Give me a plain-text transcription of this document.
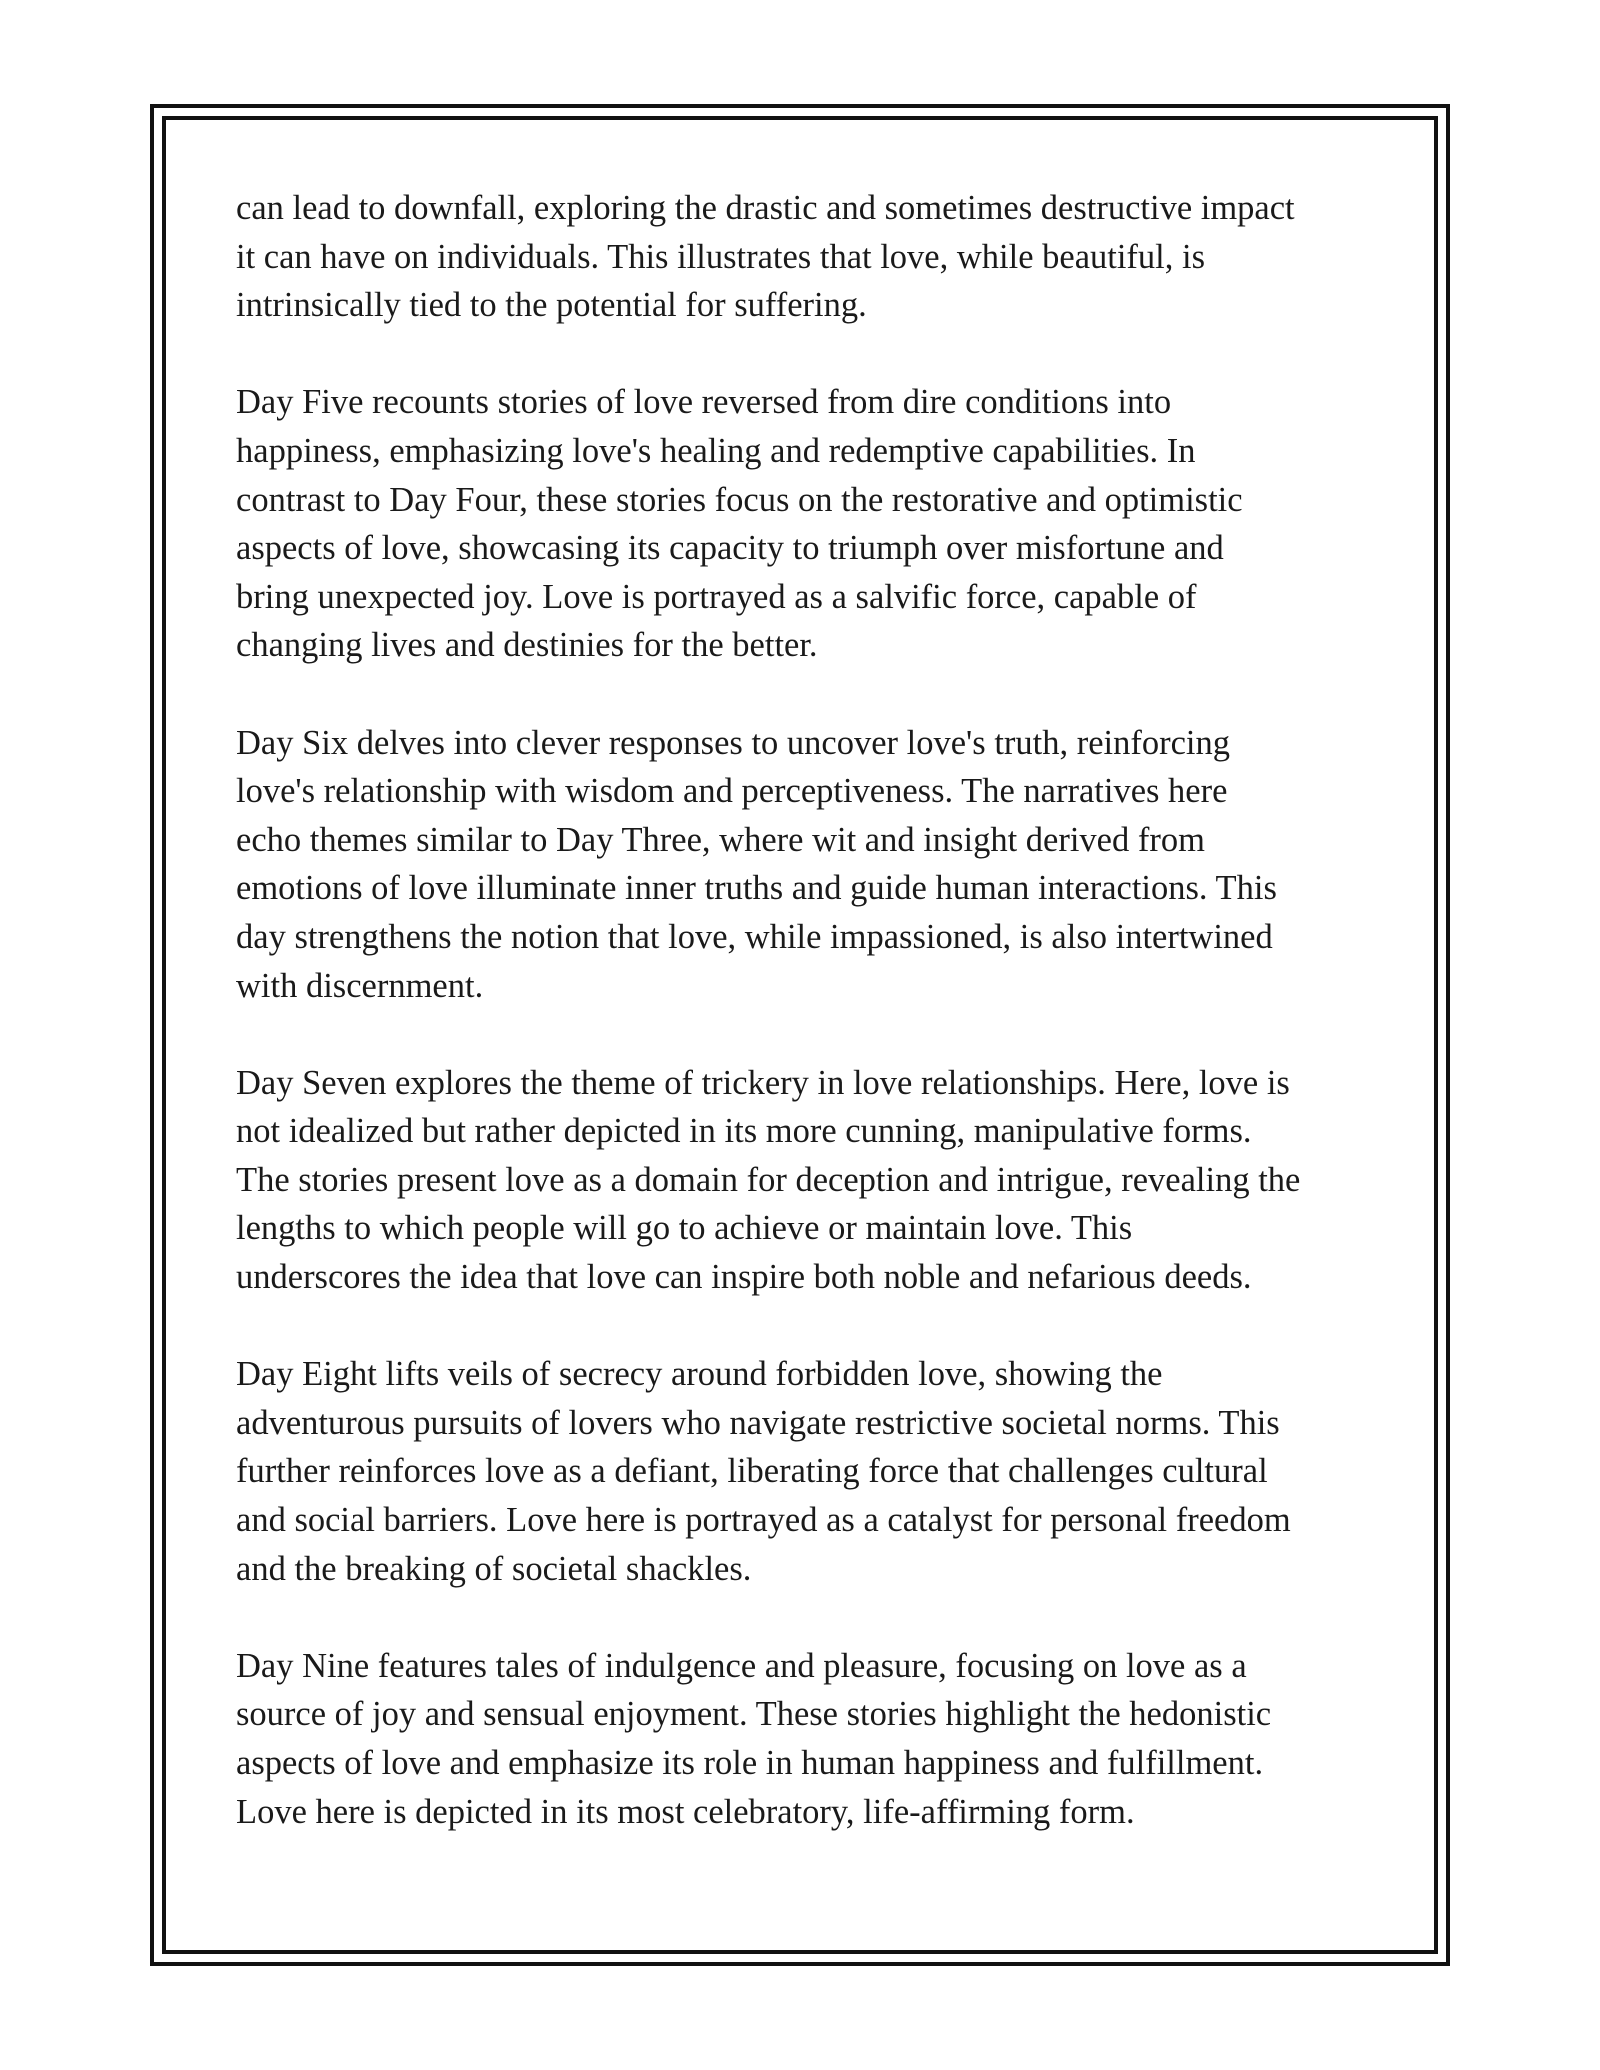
can lead to downfall, exploring the drastic and sometimes destructive impact
it can have on individuals. This illustrates that love, while beautiful, is
intrinsically tied to the potential for suffering.

Day Five recounts stories of love reversed from dire conditions into
happiness, emphasizing love's healing and redemptive capabilities. In
contrast to Day Four, these stories focus on the restorative and optimistic
aspects of love, showcasing its capacity to triumph over misfortune and
bring unexpected joy. Love is portrayed as a salvific force, capable of
changing lives and destinies for the better.

Day Six delves into clever responses to uncover love's truth, reinforcing
love's relationship with wisdom and perceptiveness. The narratives here
echo themes similar to Day Three, where wit and insight derived from
emotions of love illuminate inner truths and guide human interactions. This
day strengthens the notion that love, while impassioned, is also intertwined
with discernment.

Day Seven explores the theme of trickery in love relationships. Here, love is
not idealized but rather depicted in its more cunning, manipulative forms.
The stories present love as a domain for deception and intrigue, revealing the
lengths to which people will go to achieve or maintain love. This
underscores the idea that love can inspire both noble and nefarious deeds.

Day Eight lifts veils of secrecy around forbidden love, showing the
adventurous pursuits of lovers who navigate restrictive societal norms. This
further reinforces love as a defiant, liberating force that challenges cultural
and social barriers. Love here is portrayed as a catalyst for personal freedom
and the breaking of societal shackles.

Day Nine features tales of indulgence and pleasure, focusing on love as a
source of joy and sensual enjoyment. These stories highlight the hedonistic
aspects of love and emphasize its role in human happiness and fulfillment.
Love here is depicted in its most celebratory, life-affirming form.
